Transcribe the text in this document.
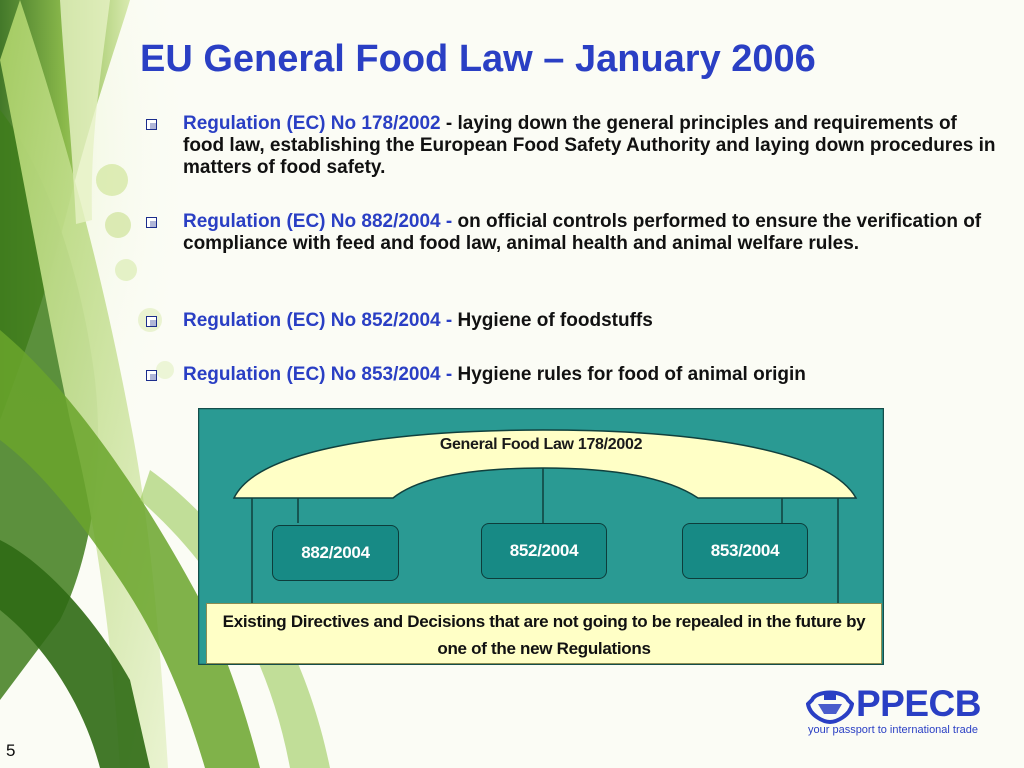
EU General Food Law – January 2006
Regulation (EC) No 178/2002 - laying down the general principles and requirements of food law, establishing the European Food Safety Authority and laying down procedures in matters of food safety.
Regulation (EC) No 882/2004 - on official controls performed to ensure the verification of compliance with feed and food law, animal health and animal welfare rules.
Regulation (EC) No 852/2004 - Hygiene of foodstuffs
Regulation (EC) No 853/2004 - Hygiene rules for food of animal origin
General Food Law 178/2002
882/2004	852/2004	853/2004
Existing Directives and Decisions that are not going to be repealed in the future by one of the new Regulations
PPECB
your passport to international trade
5
